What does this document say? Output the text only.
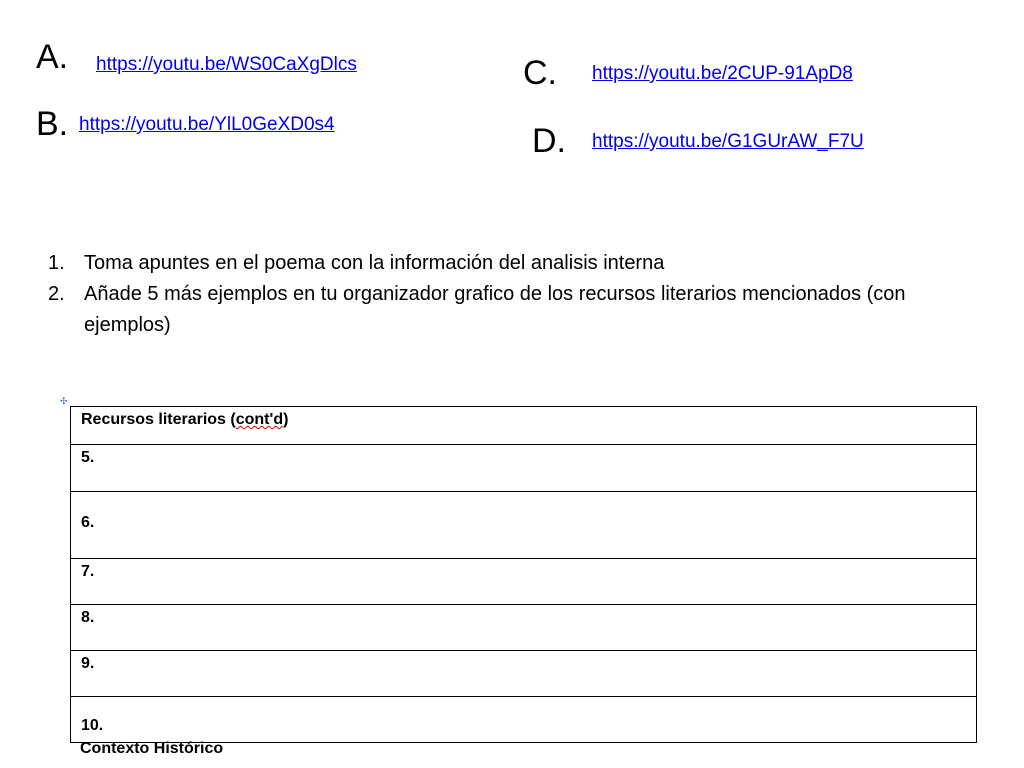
A. https://youtu.be/WS0CaXgDlcs
B. https://youtu.be/YlL0GeXD0s4
C. https://youtu.be/2CUP-91ApD8
D. https://youtu.be/G1GUrAW_F7U
1. Toma apuntes en el poema con la información del analisis interna
2. Añade 5 más ejemplos en tu organizador grafico de los recursos literarios mencionados (con ejemplos)
✣
Recursos literarios (cont'd)
5.
6.
7.
8.
9.
10.
Contexto Histórico
